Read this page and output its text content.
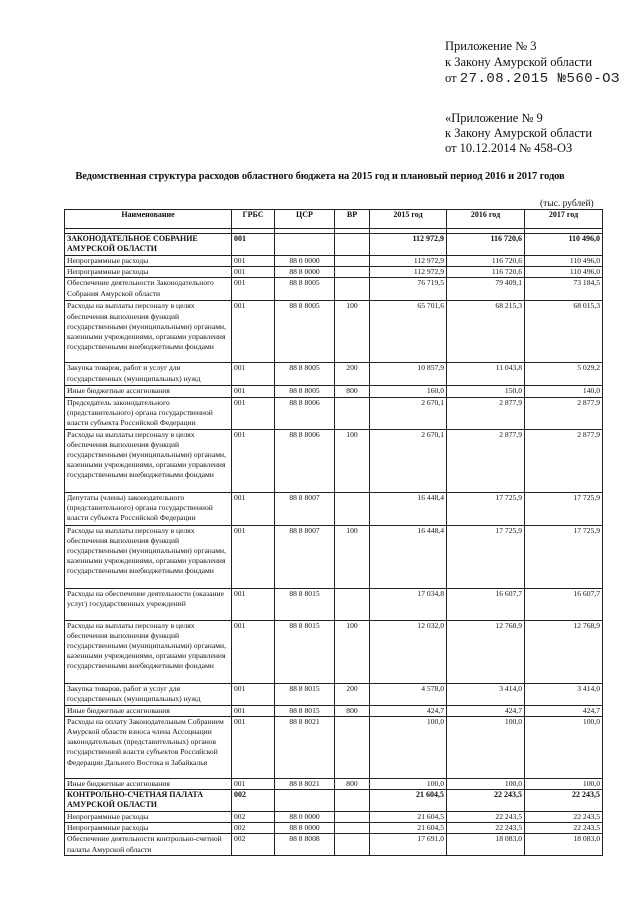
Приложение № 3
к Закону Амурской области
от 27.08.2015 №560-ОЗ
«Приложение № 9
к Закону Амурской области
от 10.12.2014 № 458-ОЗ
Ведомственная структура расходов областного бюджета на 2015 год и плановый период 2016 и 2017 годов
(тыс. рублей)
Наименование	ГРБС	ЦСР	ВР	2015 год	2016 год	2017 год

ЗАКОНОДАТЕЛЬНОЕ СОБРАНИЕ АМУРСКОЙ ОБЛАСТИ	001			112 972,9	116 720,6	110 496,0
Непрограммные расходы	001	88 0 0000		112 972,9	116 720,6	110 496,0
Непрограммные расходы	001	88 8 0000		112 972,9	116 720,6	110 496,0
Обеспечение деятельности Законодательного Собрания Амурской области	001	88 8 8005		76 719,5	79 409,1	73 184,5
Расходы на выплаты персоналу в целях обеспечения выполнения функций государственными (муниципальными) органами, казенными учреждениями, органами управления государственными внебюджетными фондами	001	88 8 8005	100	65 701,6	68 215,3	68 015,3
Закупка товаров, работ и услуг для государственных (муниципальных) нужд	001	88 8 8005	200	10 857,9	11 043,8	5 029,2
Иные бюджетные ассигнования	001	88 8 8005	800	160,0	150,0	140,0
Председатель законодательного (представительного) органа государственной власти субъекта Российской Федерации	001	88 8 8006		2 670,1	2 877,9	2 877,9
Расходы на выплаты персоналу в целях обеспечения выполнения функций государственными (муниципальными) органами, казенными учреждениями, органами управления государственными внебюджетными фондами	001	88 8 8006	100	2 670,1	2 877,9	2 877,9
Депутаты (члены) законодательного (представительного) органа государственной власти субъекта Российской Федерации	001	88 8 8007		16 448,4	17 725,9	17 725,9
Расходы на выплаты персоналу в целях обеспечения выполнения функций государственными (муниципальными) органами, казенными учреждениями, органами управления государственными внебюджетными фондами	001	88 8 8007	100	16 448,4	17 725,9	17 725,9
Расходы на обеспечение деятельности (оказание услуг) государственных учреждений	001	88 8 8015		17 034,8	16 607,7	16 607,7
Расходы на выплаты персоналу в целях обеспечения выполнения функций государственными (муниципальными) органами, казенными учреждениями, органами управления государственными внебюджетными фондами	001	88 8 8015	100	12 032,0	12 768,9	12 768,9
Закупка товаров, работ и услуг для государственных (муниципальных) нужд	001	88 8 8015	200	4 578,0	3 414,0	3 414,0
Иные бюджетные ассигнования	001	88 8 8015	800	424,7	424,7	424,7
Расходы на оплату Законодательным Собранием Амурской области взноса члена Ассоциации законодательных (представительных) органов государственной власти субъектов Российской Федерации Дальнего Востока и Забайкалья	001	88 8 8021		100,0	100,0	100,0
Иные бюджетные ассигнования	001	88 8 8021	800	100,0	100,0	100,0
КОНТРОЛЬНО-СЧЕТНАЯ ПАЛАТА АМУРСКОЙ ОБЛАСТИ	002			21 604,5	22 243,5	22 243,5
Непрограммные расходы	002	88 0 0000		21 604,5	22 243,5	22 243,5
Непрограммные расходы	002	88 8 0000		21 604,5	22 243,5	22 243,5
Обеспечение деятельности контрольно-счетной палаты Амурской области	002	88 8 8008		17 691,0	18 083,0	18 083,0
